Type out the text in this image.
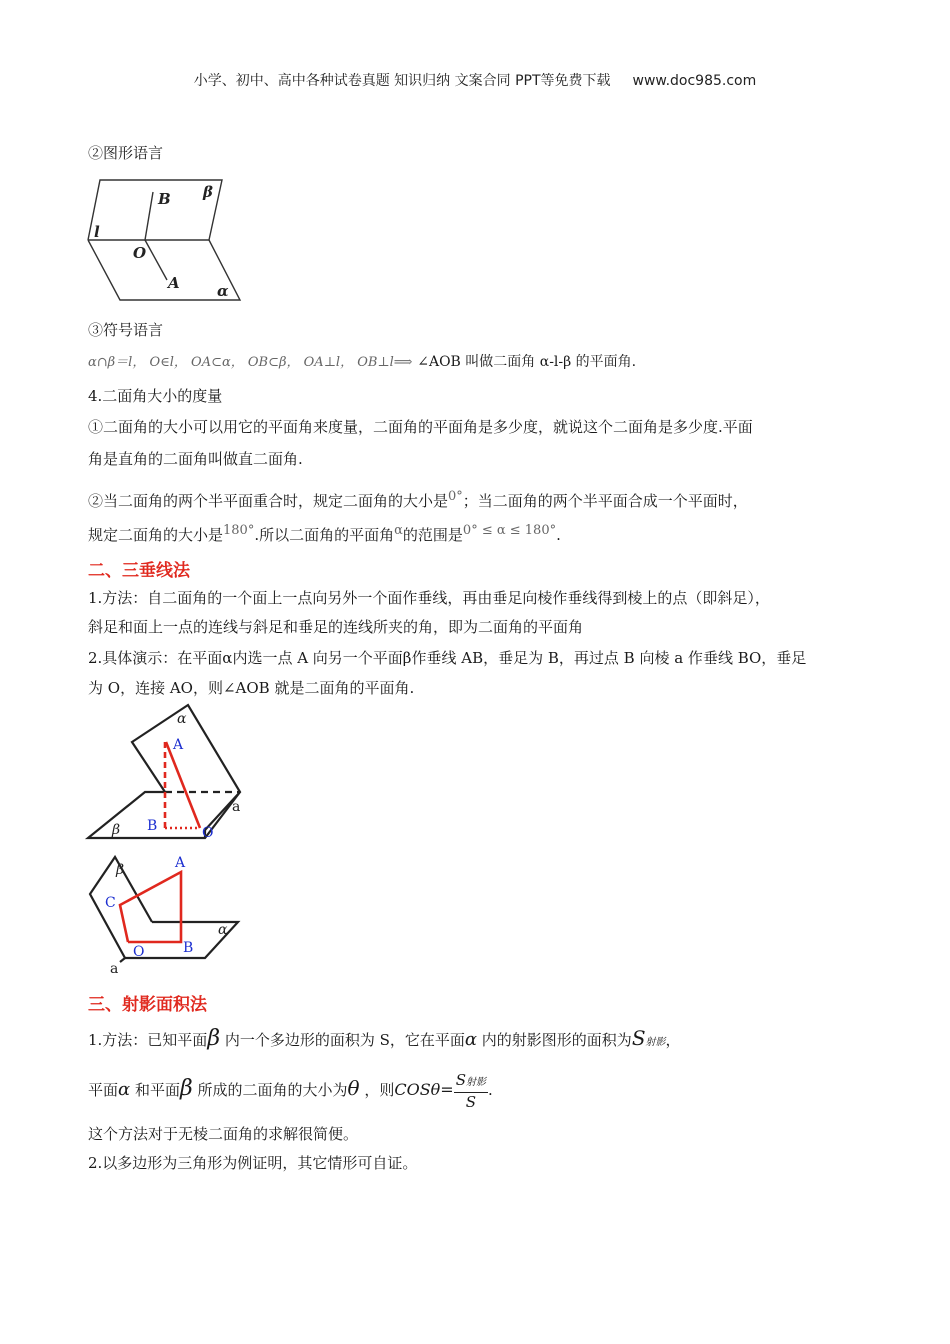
小学、初中、高中各种试卷真题 知识归纳 文案合同 PPT等免费下载 www.doc985.com
②图形语言
B β
l
O
A α
③符号语言
α∩β＝l， O∈l， OA⊂α， OB⊂β， OA⊥l， OB⊥l⟹ ∠AOB 叫做二面角 α-l-β 的平面角.
4.二面角大小的度量
①二面角的大小可以用它的平面角来度量，二面角的平面角是多少度，就说这个二面角是多少度.平面
角是直角的二面角叫做直二面角.
②当二面角的两个半平面重合时，规定二面角的大小是$^{0^\circ}$；当二面角的两个半平面合成一个平面时，
规定二面角的大小是$^{180^\circ}$.所以二面角的平面角$^\alpha$的范围是$^{0^\circ \le \alpha \le 180^\circ}$.
二、三垂线法
1.方法：自二面角的一个面上一点向另外一个面作垂线，再由垂足向棱作垂线得到棱上的点（即斜足），
斜足和面上一点的连线与斜足和垂足的连线所夹的角，即为二面角的平面角
2.具体演示：在平面α内选一点 A 向另一个平面β作垂线 AB，垂足为 B，再过点 B 向棱 a 作垂线 BO，垂足
为 O，连接 AO，则∠AOB 就是二面角的平面角.
A
B	O
α
a
β
A
C
O	B
β
α
a
三、射影面积法
1.方法：已知平面β 内一个多边形的面积为 S，它在平面α 内的射影图形的面积为S射影，
平面α 和平面β 所成的二面角的大小为θ ，则$COS\theta= \frac{\text{S射影}}{S}$ .
这个方法对于无棱二面角的求解很简便。
2.以多边形为三角形为例证明，其它情形可自证。
